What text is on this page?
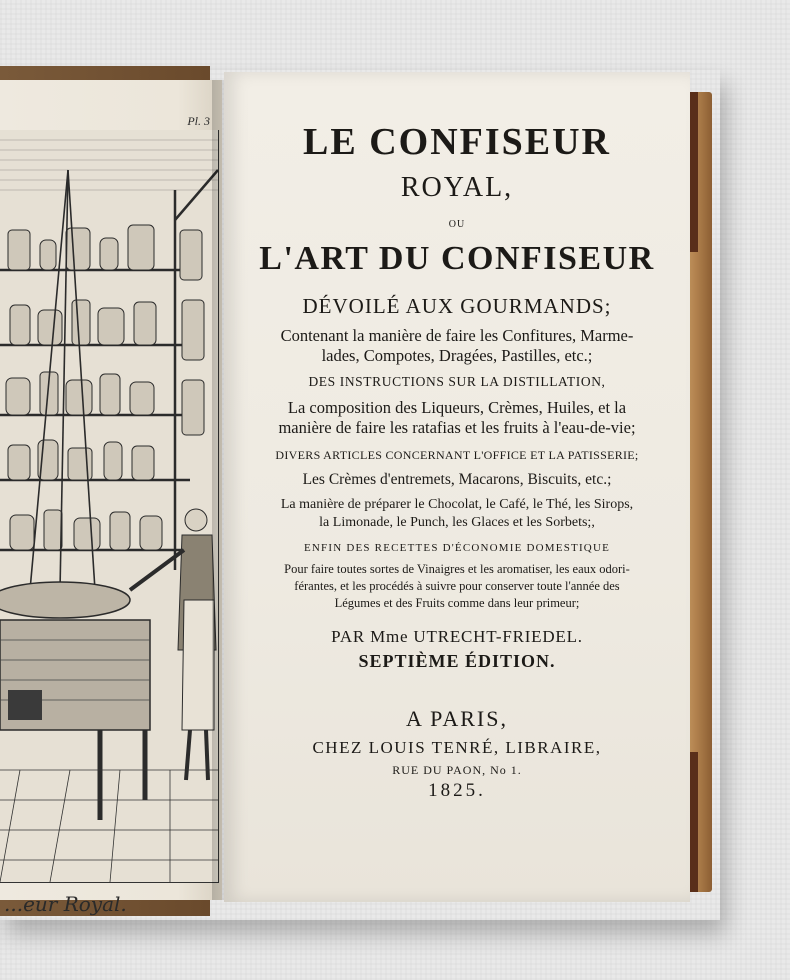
Pl. 3
...eur Royal.

LE CONFISEUR

ROYAL,

OU

L'ART DU CONFISEUR

DÉVOILÉ AUX GOURMANDS;

Contenant la manière de faire les Confitures, Marme-

lades, Compotes, Dragées, Pastilles, etc.;

DES INSTRUCTIONS SUR LA DISTILLATION,

La composition des Liqueurs, Crèmes, Huiles, et la

manière de faire les ratafias et les fruits à l'eau-de-vie;

DIVERS ARTICLES CONCERNANT L'OFFICE ET LA PATISSERIE;

Les Crèmes d'entremets, Macarons, Biscuits, etc.;

La manière de préparer le Chocolat, le Café, le Thé, les Sirops,

la Limonade, le Punch, les Glaces et les Sorbets;,

ENFIN DES RECETTES D'ÉCONOMIE DOMESTIQUE

Pour faire toutes sortes de Vinaigres et les aromatiser, les eaux odori-

férantes, et les procédés à suivre pour conserver toute l'année des

Légumes et des Fruits comme dans leur primeur;

PAR Mme UTRECHT-FRIEDEL.

SEPTIÈME ÉDITION.

A PARIS,

CHEZ LOUIS TENRÉ, LIBRAIRE,

RUE DU PAON, No 1.

1825.
